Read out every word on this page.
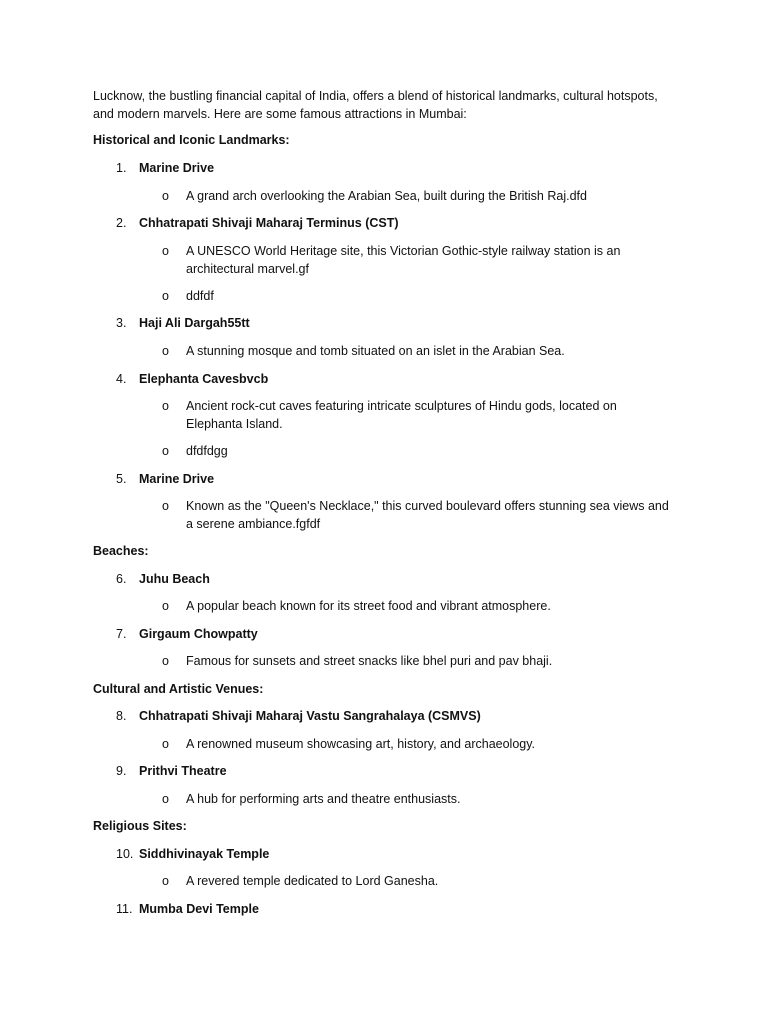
Lucknow, the bustling financial capital of India, offers a blend of historical landmarks, cultural hotspots, and modern marvels. Here are some famous attractions in Mumbai:

Historical and Iconic Landmarks:
1. Marine Drive
o A grand arch overlooking the Arabian Sea, built during the British Raj.dfd
2. Chhatrapati Shivaji Maharaj Terminus (CST)
o A UNESCO World Heritage site, this Victorian Gothic-style railway station is an architectural marvel.gf
o ddfdf
3. Haji Ali Dargah55tt
o A stunning mosque and tomb situated on an islet in the Arabian Sea.
4. Elephanta Cavesbvcb
o Ancient rock-cut caves featuring intricate sculptures of Hindu gods, located on Elephanta Island.
o dfdfdgg
5. Marine Drive
o Known as the "Queen's Necklace," this curved boulevard offers stunning sea views and a serene ambiance.fgfdf
Beaches:
6. Juhu Beach
o A popular beach known for its street food and vibrant atmosphere.
7. Girgaum Chowpatty
o Famous for sunsets and street snacks like bhel puri and pav bhaji.
Cultural and Artistic Venues:
8. Chhatrapati Shivaji Maharaj Vastu Sangrahalaya (CSMVS)
o A renowned museum showcasing art, history, and archaeology.
9. Prithvi Theatre
o A hub for performing arts and theatre enthusiasts.
Religious Sites:
10. Siddhivinayak Temple
o A revered temple dedicated to Lord Ganesha.
11. Mumba Devi Temple
